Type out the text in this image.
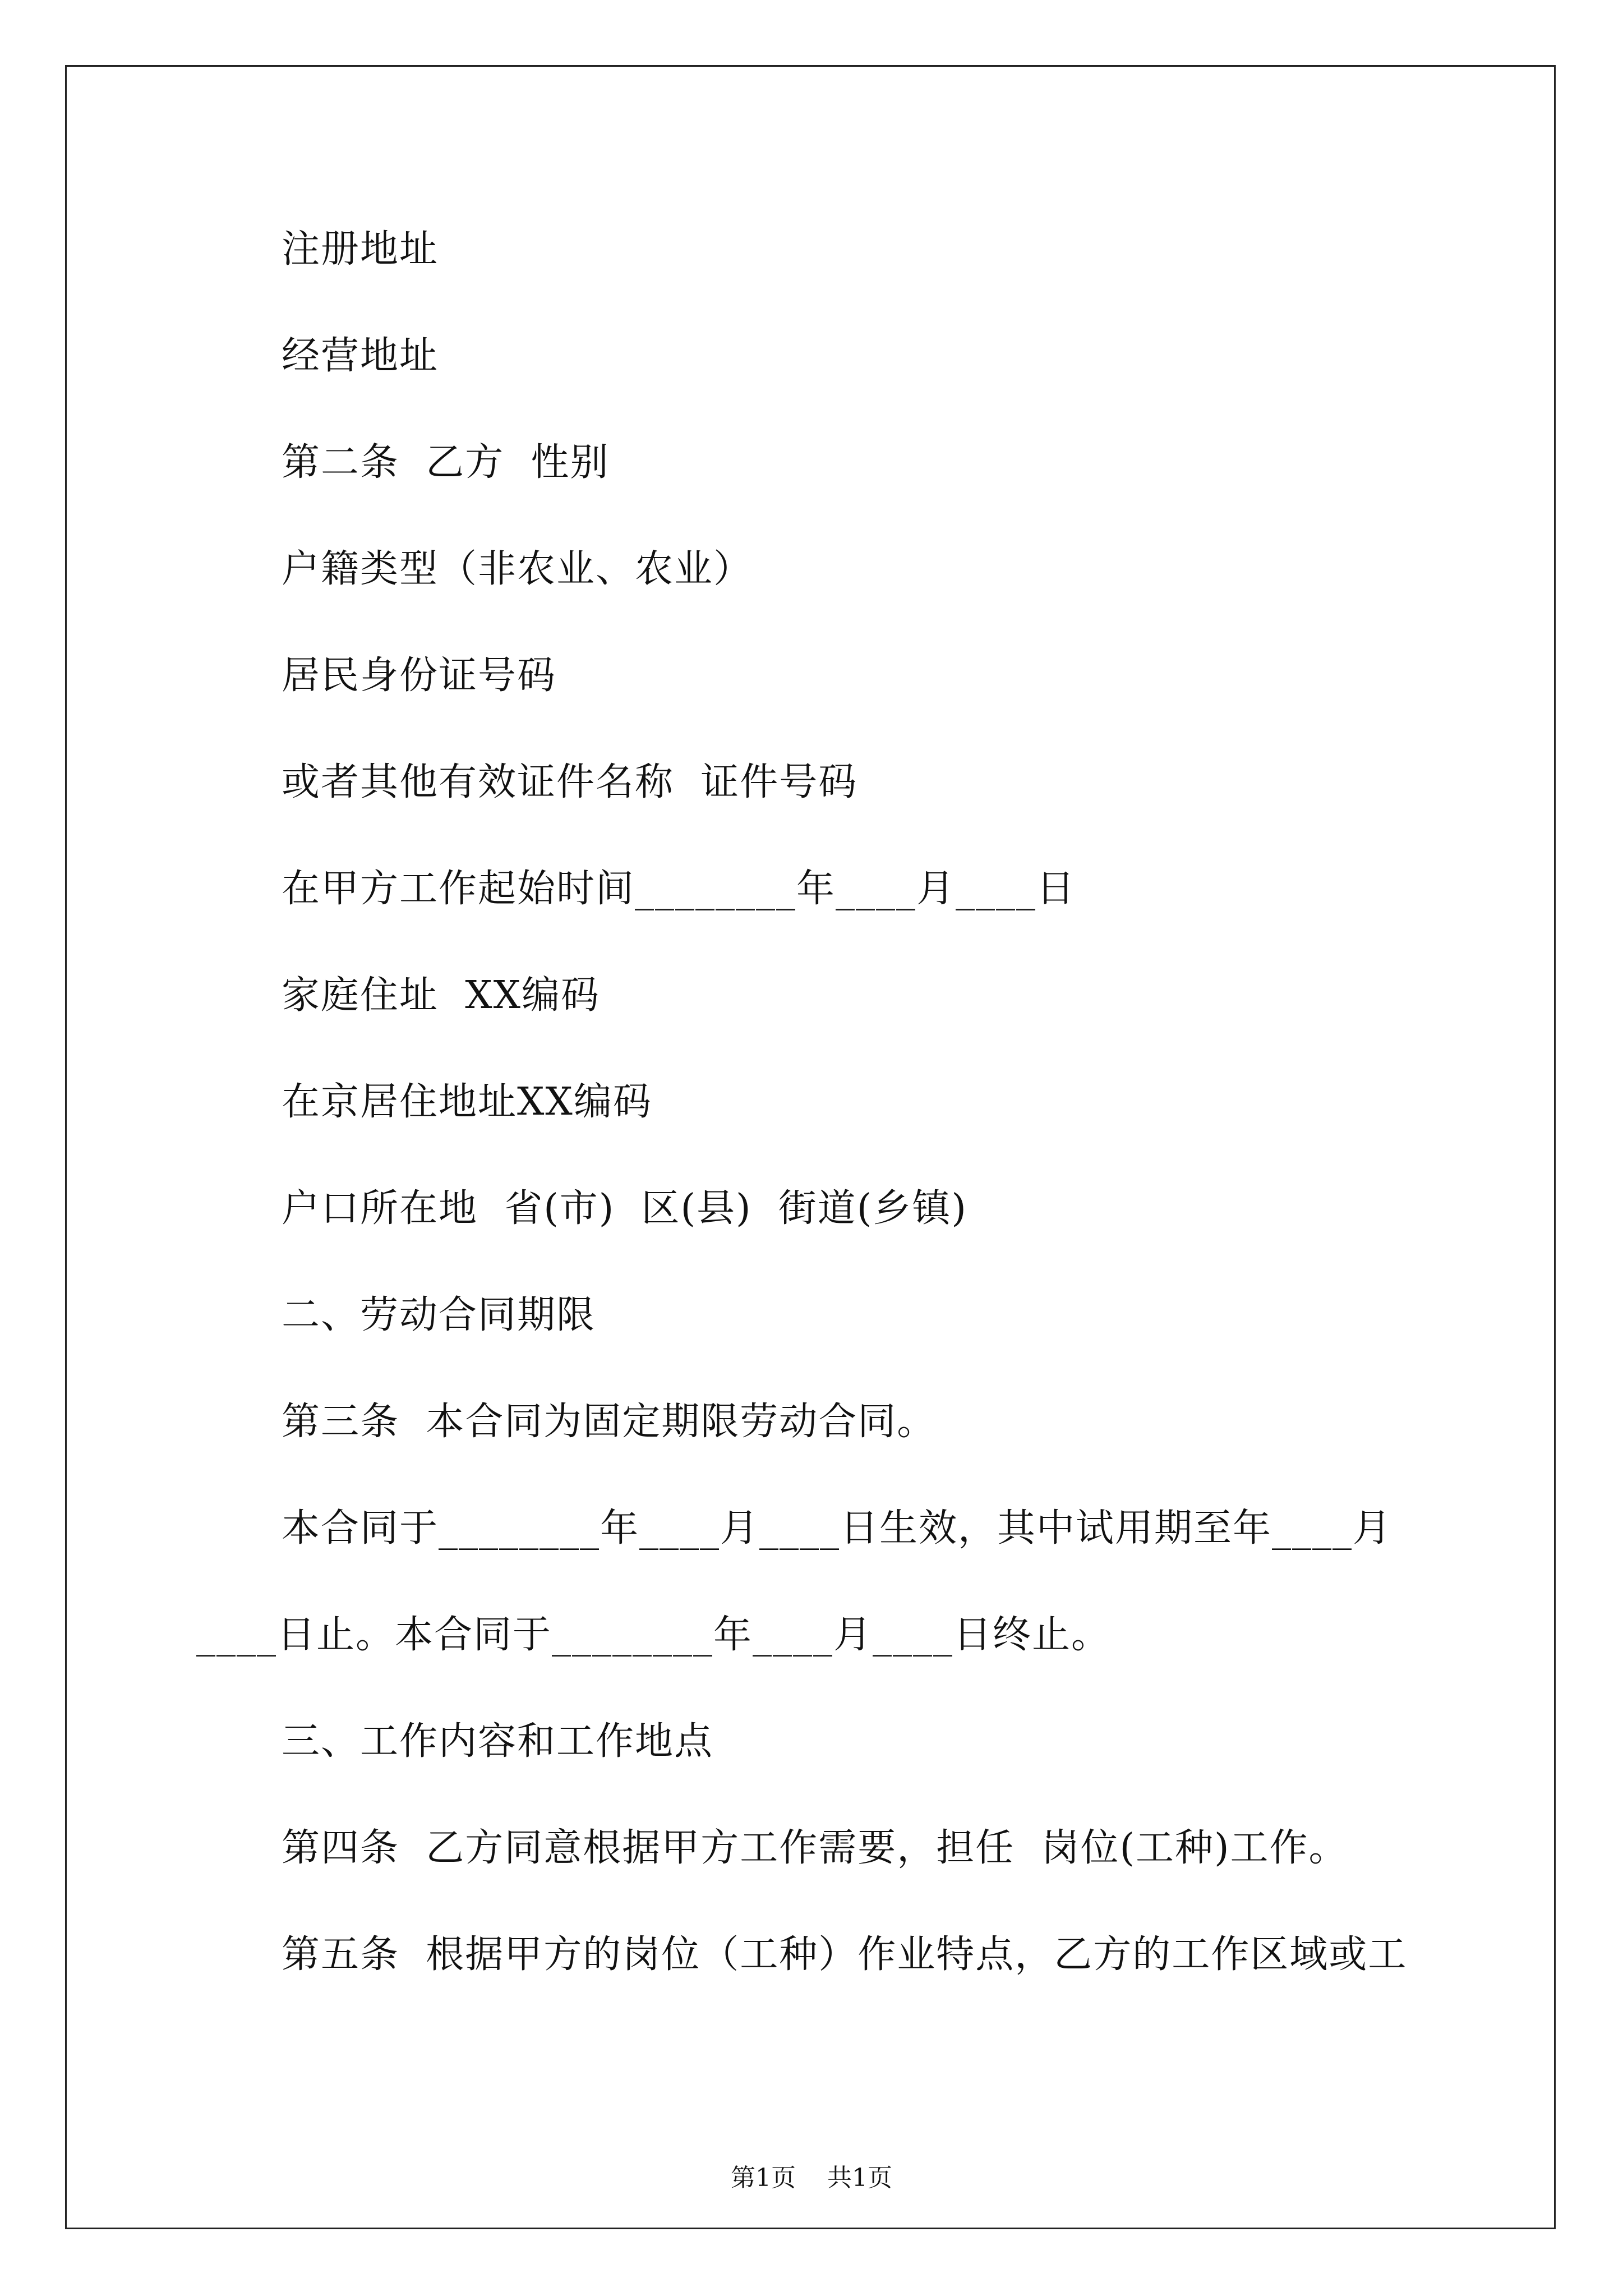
注册地址
经营地址
第二条  乙方  性别
户籍类型（非农业、农业）
居民身份证号码
或者其他有效证件名称  证件号码
在甲方工作起始时间________年____月____日
家庭住址  XX编码
在京居住地址XX编码
户口所在地  省(市)  区(县)  街道(乡镇)
二、劳动合同期限
第三条  本合同为固定期限劳动合同。
本合同于________年____月____日生效，其中试用期至年____月
____日止。本合同于________年____月____日终止。
三、工作内容和工作地点
第四条  乙方同意根据甲方工作需要，担任  岗位(工种)工作。
第五条  根据甲方的岗位（工种）作业特点，乙方的工作区域或工
第1页    共1页
